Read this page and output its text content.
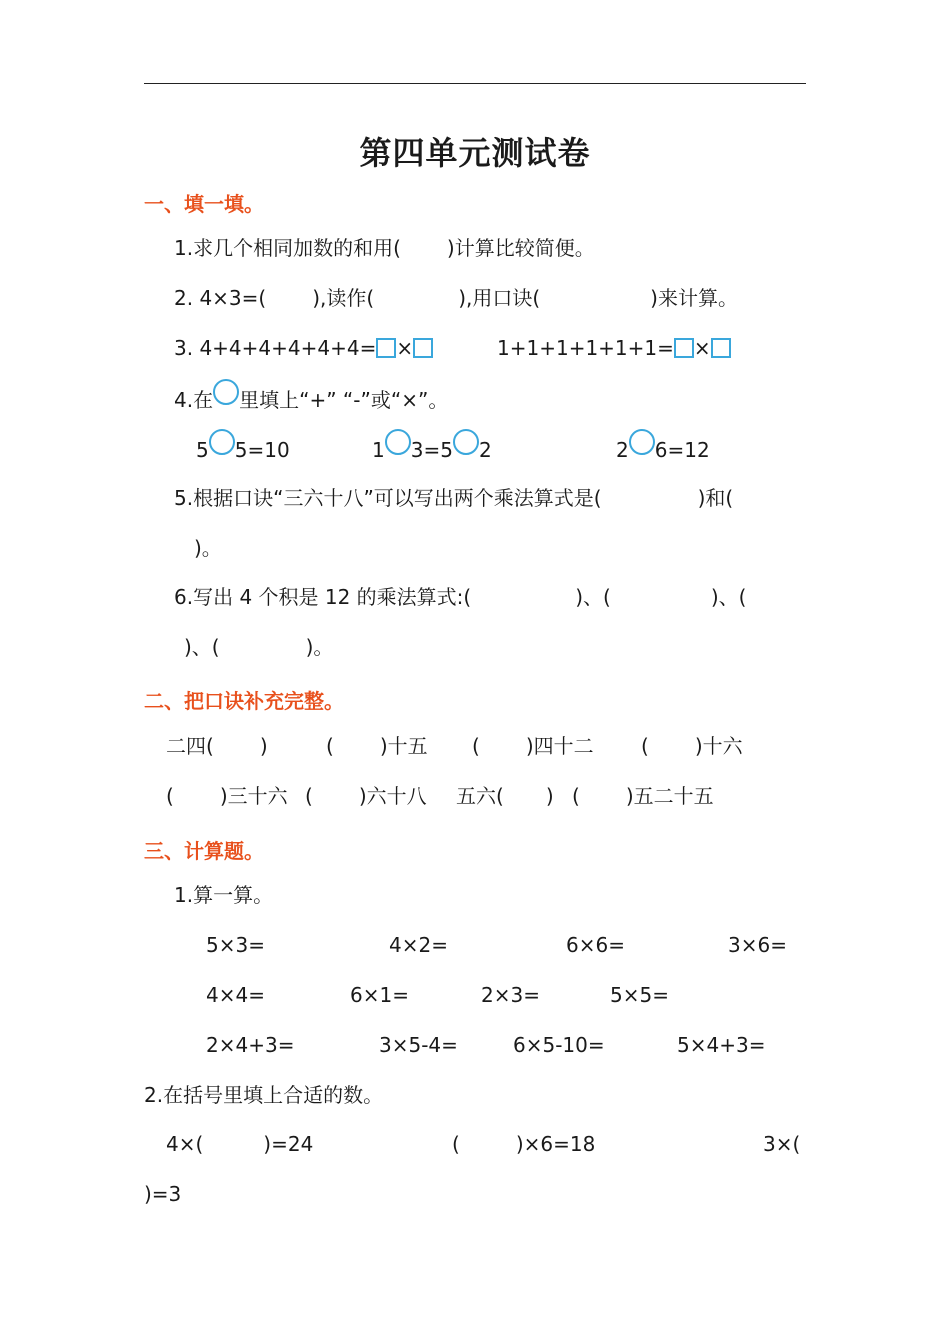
第四单元测试卷
一、填一填。
1.求几个相同加数的和用( )计算比较简便。
2. 4×3=( ),读作(	),用口诀(	)来计算。
3. 4+4+4+4+4+4= ×	1+1+1+1+1+1= ×
4.在 里填上“+” “-”或“×”。
5 5=10	1 3=5 2	2 6=12
5.根据口诀“三六十八”可以写出两个乘法算式是(	)和(
)。
6.写出 4 个积是 12 的乘法算式:(	)、(	)、(
)、(	)。
二、把口诀补充完整。
二四( )	( )十五 ( )四十二 ( )十六
( )三十六 ( )六十八 五六( ) ( )五二十五
三、计算题。
1.算一算。
5×3=	4×2=	6×6=	3×6=
4×4=	6×1=	2×3=	5×5=
2×4+3=	3×5-4=	6×5-10=	5×4+3=
2.在括号里填上合适的数。
4×(	)=24	(	)×6=18	3×(
)=3
